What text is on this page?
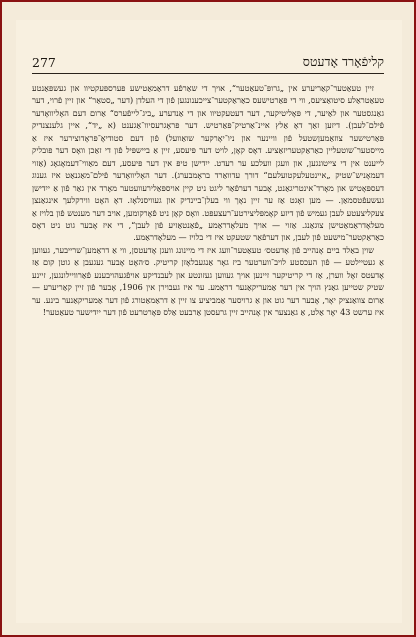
277	קליפֿאָרד אָדעטס

זיין טעאַטער־קאַריערע אין „גרופּ־טעאַטער“, אויך די שאַרפֿע דראַמאַטישע פּערספּעקטיוו און געשפּאַנטע טעאַטראַלע סיטואַציעס, ווי די פּאַרטישעס כאַראַקטער־צייכענונגען פֿון די העלדן (דער „סטאַר“ און זיין פֿרוי, דער גאַנגסטער און לאַיער, די פּאָליטיקער, דער דעטעקטיוו און די אַנדערע „ביג־לייפֿערס“ אַרום דעם האָליוואָדער פֿילם־לעבן). דיזען זאַך דאָ אַלץ איינ־אַרטיק־פּאַרטיש. דער פּראָגרעסיוו־אַגענט (א „יד“, איין גלענצנדיק פּאַרטישער צוזאַמעןשטעל פֿון וויינער און ניו־יאָרקער שואַוועל) פֿון דעם סטודיאָ־פּראָדוצירער איז אַ מייסטער־שוטעליין כאַראַקטעריזאַציע. דאָס קאָן, לויט דער פּיעסע, זיין אַ ביישפּיל פֿון די זאַכן וואָס דער פּובליק לייענט אין די צייטונגען, און וועגן וועלכע ער רעדט. ייִדישן טיפּ אין דער פּיעסע, דעם מאַווי־דעמאָגאָג (אַזוי דעמאָניש־שטיק „איינטעלעקטועלעם“ דורך עדוואַרד בראָמבערג). דער האָליוואָדער פֿילם־מאַגנאַט איז גענוג דעספּאָטיש און מאָרד־אינטריגאַנט, אָבער דערפֿאַר ליגט ניט קיין אויספּאַלירעוועטער מאָרד אין גאַר פֿון אַ ייִדישן געשעפֿטסמאַן. — מען זאָגט אַז ער זיין נאָך ווי בעלן־ביינדיק און געוויסנלאָז. דאָ האָט ווירקלעך אינגאַנצן צעקליצעטע לעבן געמיש פֿון דיזע קאָמפּליצירטע־רעצעפּט. וואָס קאָן ניט פֿאָרקומען, אויב דער מענטש פֿון בלויז אַ מעלאָדראַמאַטישן צוגאַנג. אַזוי — אויך מעלאָדראַמע „פֿאַנטאַזיע פֿון לעבן“, די איז אָבער גוט ניט דאָס כאַראַקטער־מישעט פֿון לעבן, און דערפֿאַר שטעקט איז די בלויז — מעלאָדראַמע.

שוין באַלד ביים אָנהייב פֿון אָדעטס׳ טעאַטער־וועג איז די מיינונג וועגן אָדעטסן, ווי אַ דראַמען־שרייבער, געווען אַ געטיילטע — פֿון העכסטע לויב־ווערטער ביז גאָר אַנגעבלאָזן קריטיק. ס׳האָט אָבער געגעבן אַ גוטן קום אַז אָדעטס זאָל ווערן, אַז די קריטיקער זיינען אויך געווען געזונטע און לעבנדיקע אויפֿגעהויבענע פֿאַרוויילונגען, זיינע שטיק שטייען גאַנץ הויך אין דער אַמעריקאַנער דראַמע. ער איז געבוירן אין 1906, אָבער פֿון זיין קאַריערע — אַרום צוואַנציק יאָר, אָבער דער גוט און אַ גרויסער אַמביציע צו זיין אַ דראַמאַטורג פֿון דער אַמעריקאַנער בינע. ער איז ערשט 43 יאָר אַלט, אַ גאַנצער אין אָנהייב זיין גרעסטן אַרבעט אַלס פּאָרטרעט פֿון דער ייִדישער טעאַטער!
